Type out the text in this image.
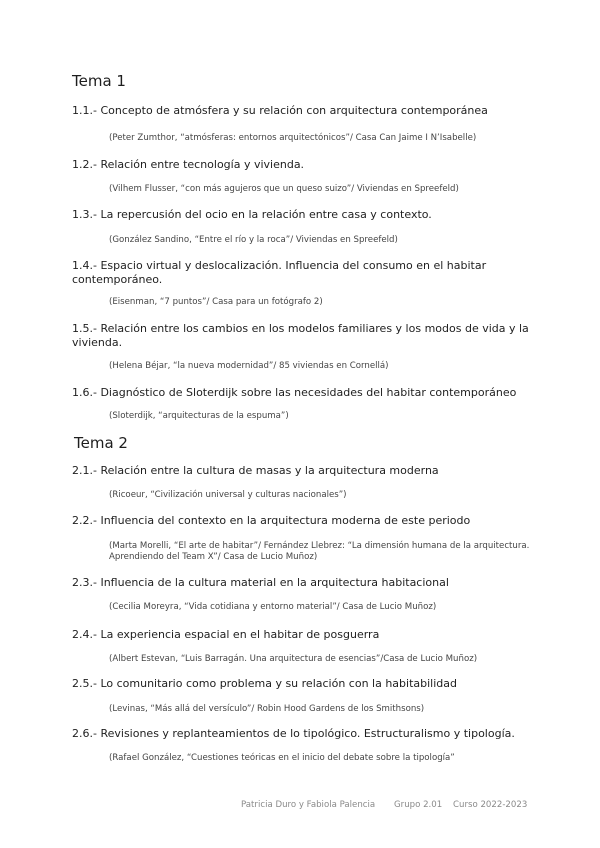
Tema 1
1.1.- Concepto de atmósfera y su relación con arquitectura contemporánea
(Peter Zumthor, “atmósferas: entornos arquitectónicos”/ Casa Can Jaime I N’Isabelle)
1.2.- Relación entre tecnología y vivienda.
(Vilhem Flusser, “con más agujeros que un queso suizo”/ Viviendas en Spreefeld)
1.3.- La repercusión del ocio en la relación entre casa y contexto.
(González Sandino, “Entre el río y la roca”/ Viviendas en Spreefeld)
1.4.- Espacio virtual y deslocalización. Influencia del consumo en el habitar contemporáneo.
(Eisenman, “7 puntos”/ Casa para un fotógrafo 2)
1.5.- Relación entre los cambios en los modelos familiares y los modos de vida y la vivienda.
(Helena Béjar, “la nueva modernidad”/ 85 viviendas en Cornellá)
1.6.- Diagnóstico de Sloterdijk sobre las necesidades del habitar contemporáneo
(Sloterdijk, “arquitecturas de la espuma”)
Tema 2
2.1.- Relación entre la cultura de masas y la arquitectura moderna
(Ricoeur, “Civilización universal y culturas nacionales”)
2.2.- Influencia del contexto en la arquitectura moderna de este periodo
(Marta Morelli, “El arte de habitar”/ Fernández Llebrez: “La dimensión humana de la arquitectura. Aprendiendo del Team X”/ Casa de Lucio Muñoz)
2.3.- Influencia de la cultura material en la arquitectura habitacional
(Cecilia Moreyra, “Vida cotidiana y entorno material”/ Casa de Lucio Muñoz)
2.4.- La experiencia espacial en el habitar de posguerra
(Albert Estevan, “Luis Barragán. Una arquitectura de esencias”/Casa de Lucio Muñoz)
2.5.- Lo comunitario como problema y su relación con la habitabilidad
(Levinas, “Más allá del versículo”/ Robin Hood Gardens de los Smithsons)
2.6.- Revisiones y replanteamientos de lo tipológico. Estructuralismo y tipología.
(Rafael González, “Cuestiones teóricas en el inicio del debate sobre la tipología”
Patricia Duro y Fabiola Palencia Grupo 2.01 Curso 2022-2023
